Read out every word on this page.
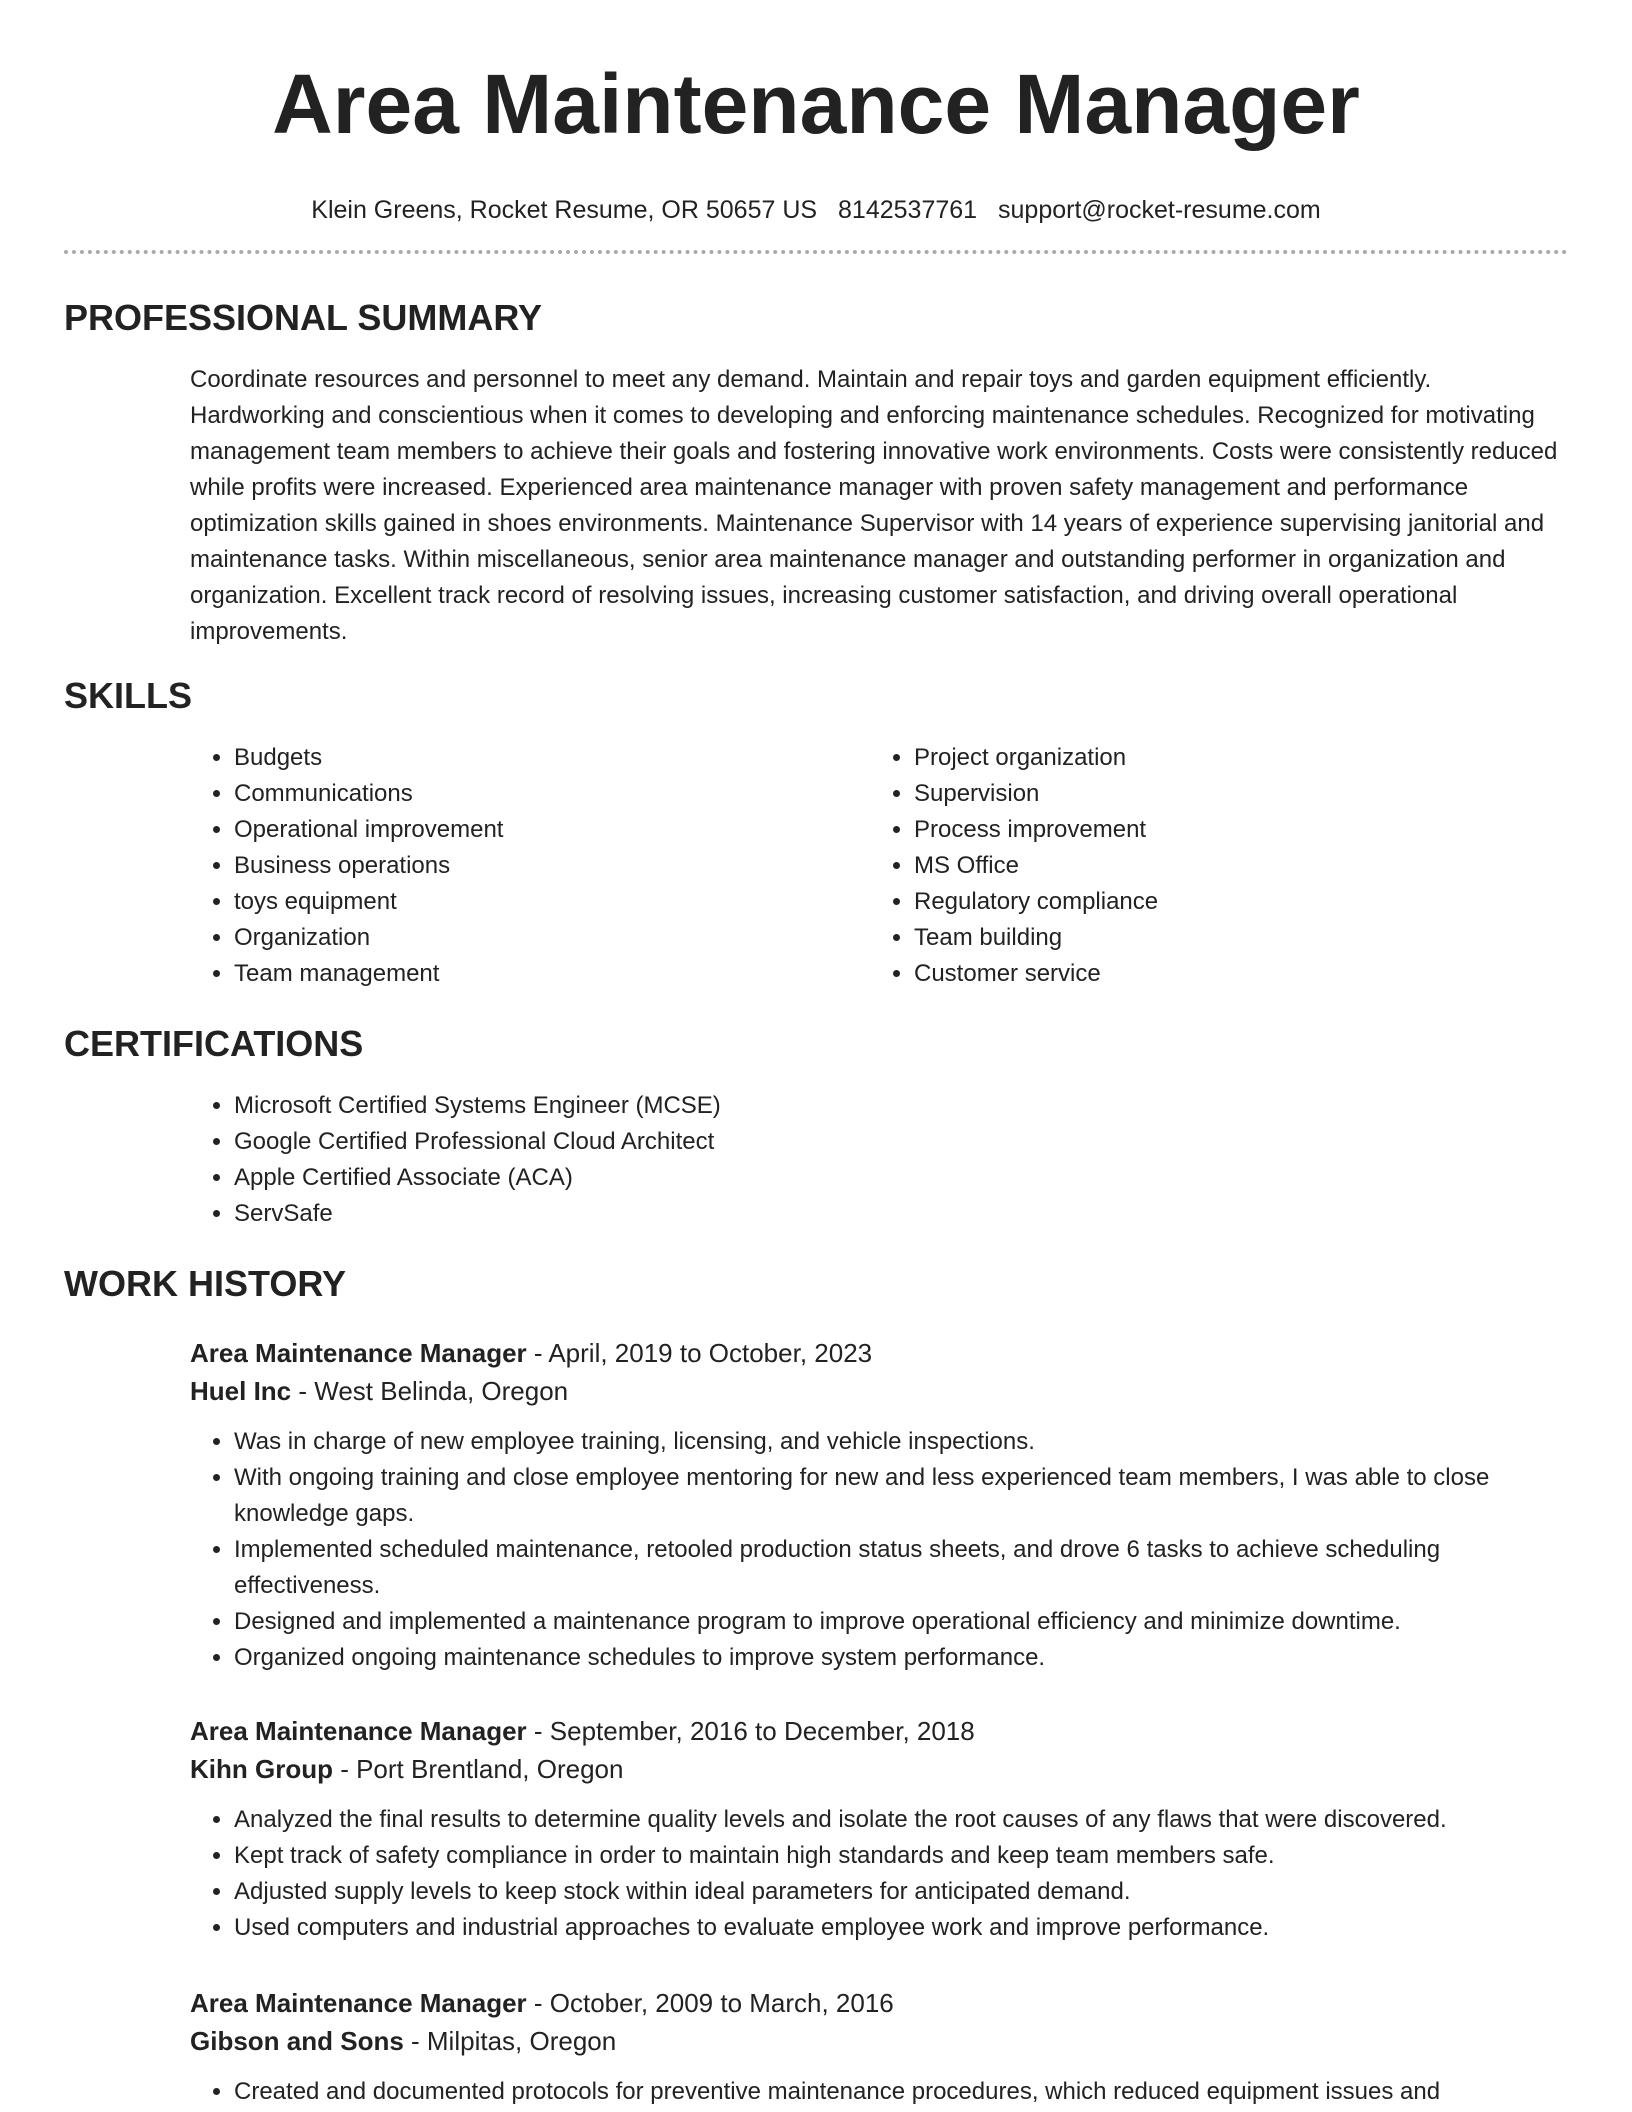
Area Maintenance Manager
Klein Greens, Rocket Resume, OR 50657 US 8142537761 support@rocket-resume.com
PROFESSIONAL SUMMARY
Coordinate resources and personnel to meet any demand. Maintain and repair toys and garden equipment efficiently. Hardworking and conscientious when it comes to developing and enforcing maintenance schedules. Recognized for motivating management team members to achieve their goals and fostering innovative work environments. Costs were consistently reduced while profits were increased. Experienced area maintenance manager with proven safety management and performance optimization skills gained in shoes environments. Maintenance Supervisor with 14 years of experience supervising janitorial and maintenance tasks. Within miscellaneous, senior area maintenance manager and outstanding performer in organization and organization. Excellent track record of resolving issues, increasing customer satisfaction, and driving overall operational improvements.
SKILLS
• Budgets
• Communications
• Operational improvement
• Business operations
• toys equipment
• Organization
• Team management
• Project organization
• Supervision
• Process improvement
• MS Office
• Regulatory compliance
• Team building
• Customer service
CERTIFICATIONS
• Microsoft Certified Systems Engineer (MCSE)
• Google Certified Professional Cloud Architect
• Apple Certified Associate (ACA)
• ServSafe
WORK HISTORY

Area Maintenance Manager - April, 2019 to October, 2023

Huel Inc - West Belinda, Oregon

• Was in charge of new employee training, licensing, and vehicle inspections.
• With ongoing training and close employee mentoring for new and less experienced team members, I was able to close knowledge gaps.
• Implemented scheduled maintenance, retooled production status sheets, and drove 6 tasks to achieve scheduling effectiveness.
• Designed and implemented a maintenance program to improve operational efficiency and minimize downtime.
• Organized ongoing maintenance schedules to improve system performance.

Area Maintenance Manager - September, 2016 to December, 2018

Kihn Group - Port Brentland, Oregon

• Analyzed the final results to determine quality levels and isolate the root causes of any flaws that were discovered.
• Kept track of safety compliance in order to maintain high standards and keep team members safe.
• Adjusted supply levels to keep stock within ideal parameters for anticipated demand.
• Used computers and industrial approaches to evaluate employee work and improve performance.

Area Maintenance Manager - October, 2009 to March, 2016

Gibson and Sons - Milpitas, Oregon

• Created and documented protocols for preventive maintenance procedures, which reduced equipment issues and
